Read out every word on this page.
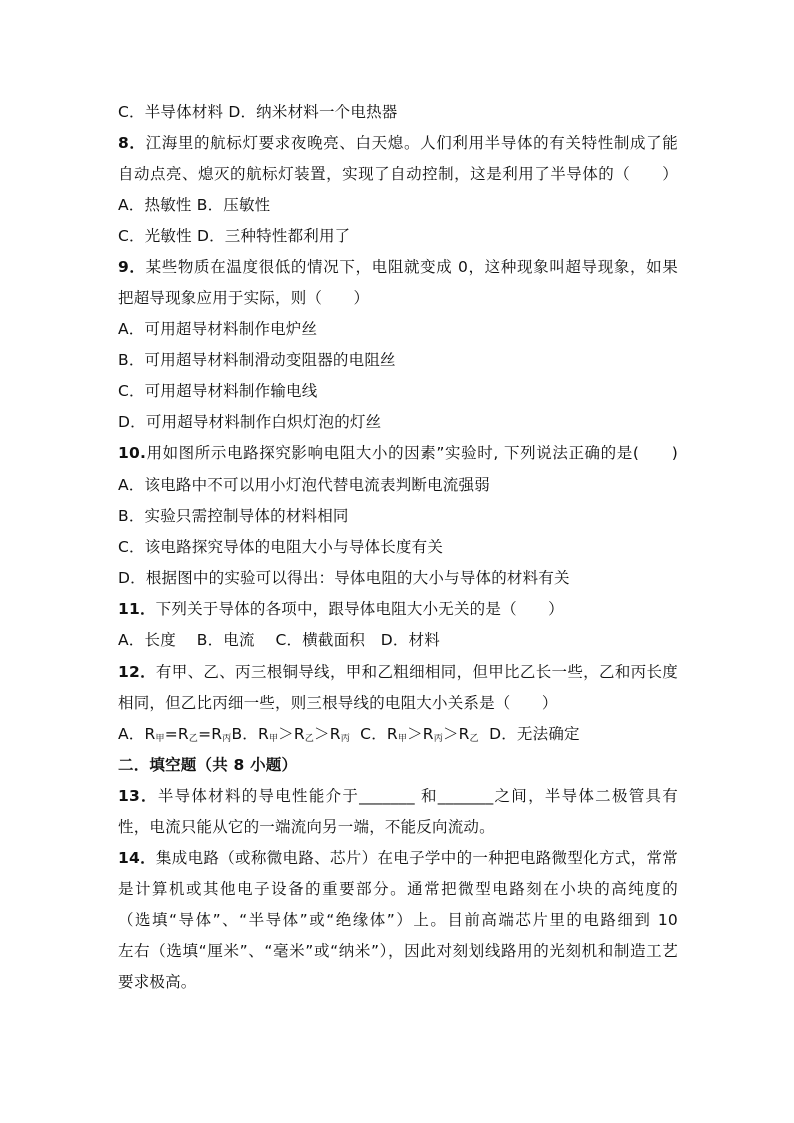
C．半导体材料 D．纳米材料一个电热器
8．江海里的航标灯要求夜晚亮、白天熄。人们利用半导体的有关特性制成了能
自动点亮、熄灭的航标灯装置，实现了自动控制，这是利用了半导体的（　　）
A．热敏性 B．压敏性
C．光敏性 D．三种特性都利用了
9．某些物质在温度很低的情况下，电阻就变成 0，这种现象叫超导现象，如果
把超导现象应用于实际，则（　　）
A．可用超导材料制作电炉丝
B．可用超导材料制滑动变阻器的电阻丝
C．可用超导材料制作输电线
D．可用超导材料制作白炽灯泡的灯丝
10.用如图所示电路探究影响电阻大小的因素”实验时, 下列说法正确的是(　　)
A．该电路中不可以用小灯泡代替电流表判断电流强弱
B．实验只需控制导体的材料相同
C．该电路探究导体的电阻大小与导体长度有关
D．根据图中的实验可以得出：导体电阻的大小与导体的材料有关
11．下列关于导体的各项中，跟导体电阻大小无关的是（　　）
A．长度　 B．电流　 C．横截面积　D．材料
12．有甲、乙、丙三根铜导线，甲和乙粗细相同，但甲比乙长一些，乙和丙长度
相同，但乙比丙细一些，则三根导线的电阻大小关系是（　　）
A．$R_甲=R_乙=R_丙B$．$R_甲>R_乙>R_丙$ C．$R_甲>R_丙>R_乙$ D．无法确定
二．填空题（共 8 小题）
13．半导体材料的导电性能介于_______ 和_______之间，半导体二极管具有
性，电流只能从它的一端流向另一端，不能反向流动。
14．集成电路（或称微电路、芯片）在电子学中的一种把电路微型化方式，常常
是计算机或其他电子设备的重要部分。通常把微型电路刻在小块的高纯度的
（选填“导体”、“半导体”或“绝缘体”）上。目前高端芯片里的电路细到 10
左右（选填“厘米”、“毫米”或“纳米”），因此对刻划线路用的光刻机和制造工艺
要求极高。
